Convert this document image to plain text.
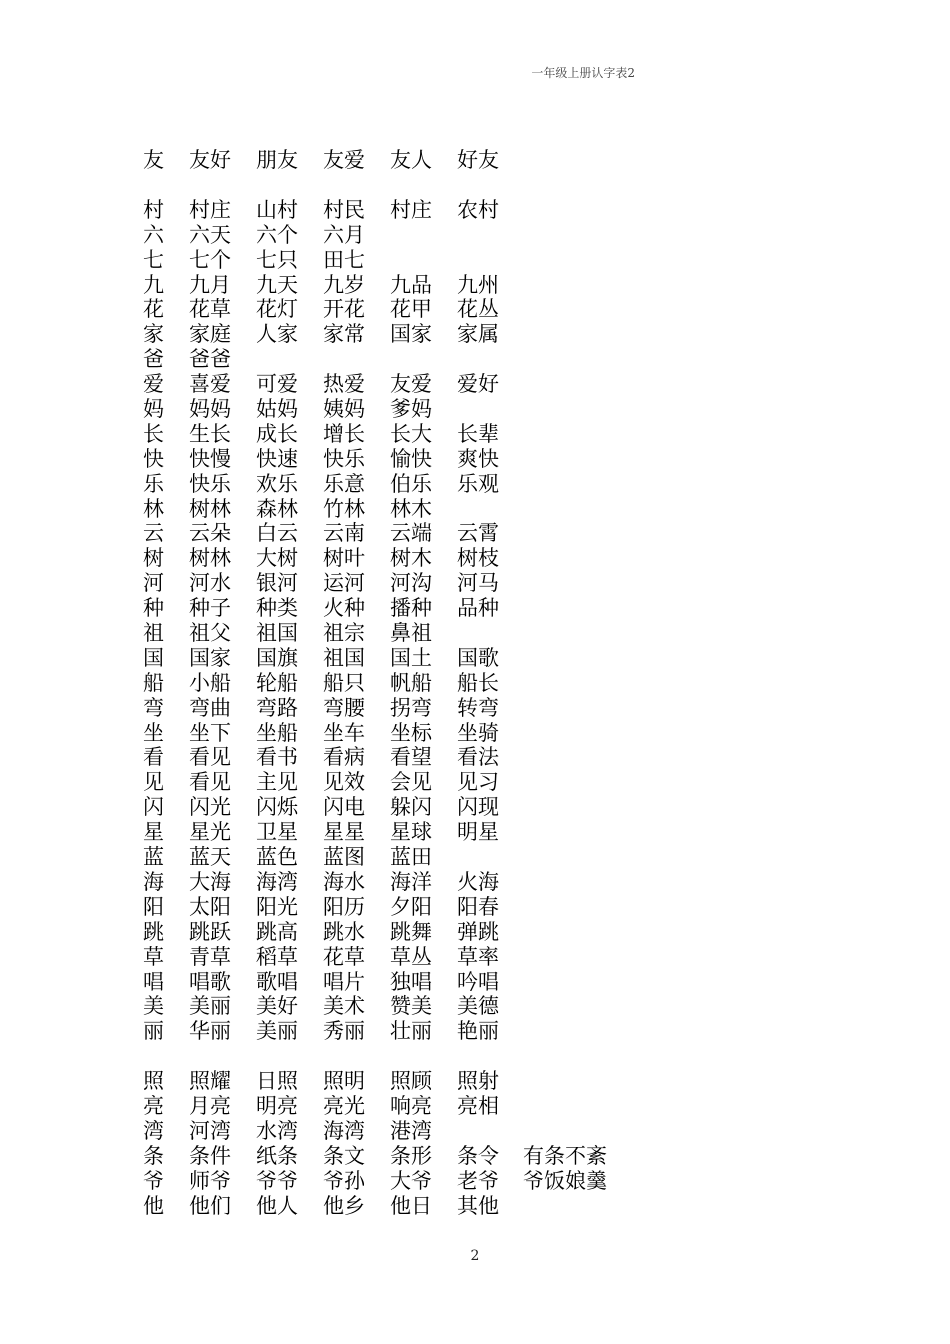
一年级上册认字表2
友	友好	朋友	友爱	友人	好友
村	村庄	山村	村民	村庄	农村
六	六天	六个	六月
七	七个	七只	田七
九	九月	九天	九岁	九品	九州
花	花草	花灯	开花	花甲	花丛
家	家庭	人家	家常	国家	家属
爸	爸爸
爱	喜爱	可爱	热爱	友爱	爱好
妈	妈妈	姑妈	姨妈	爹妈
长	生长	成长	增长	长大	长辈
快	快慢	快速	快乐	愉快	爽快
乐	快乐	欢乐	乐意	伯乐	乐观
林	树林	森林	竹林	林木
云	云朵	白云	云南	云端	云霄
树	树林	大树	树叶	树木	树枝
河	河水	银河	运河	河沟	河马
种	种子	种类	火种	播种	品种
祖	祖父	祖国	祖宗	鼻祖
国	国家	国旗	祖国	国土	国歌
船	小船	轮船	船只	帆船	船长
弯	弯曲	弯路	弯腰	拐弯	转弯
坐	坐下	坐船	坐车	坐标	坐骑
看	看见	看书	看病	看望	看法
见	看见	主见	见效	会见	见习
闪	闪光	闪烁	闪电	躲闪	闪现
星	星光	卫星	星星	星球	明星
蓝	蓝天	蓝色	蓝图	蓝田
海	大海	海湾	海水	海洋	火海
阳	太阳	阳光	阳历	夕阳	阳春
跳	跳跃	跳高	跳水	跳舞	弹跳
草	青草	稻草	花草	草丛	草率
唱	唱歌	歌唱	唱片	独唱	吟唱
美	美丽	美好	美术	赞美	美德
丽	华丽	美丽	秀丽	壮丽	艳丽
照	照耀	日照	照明	照顾	照射
亮	月亮	明亮	亮光	响亮	亮相
湾	河湾	水湾	海湾	港湾
条	条件	纸条	条文	条形	条令	有条不紊
爷	师爷	爷爷	爷孙	大爷	老爷	爷饭娘羹
他	他们	他人	他乡	他日	其他
2
